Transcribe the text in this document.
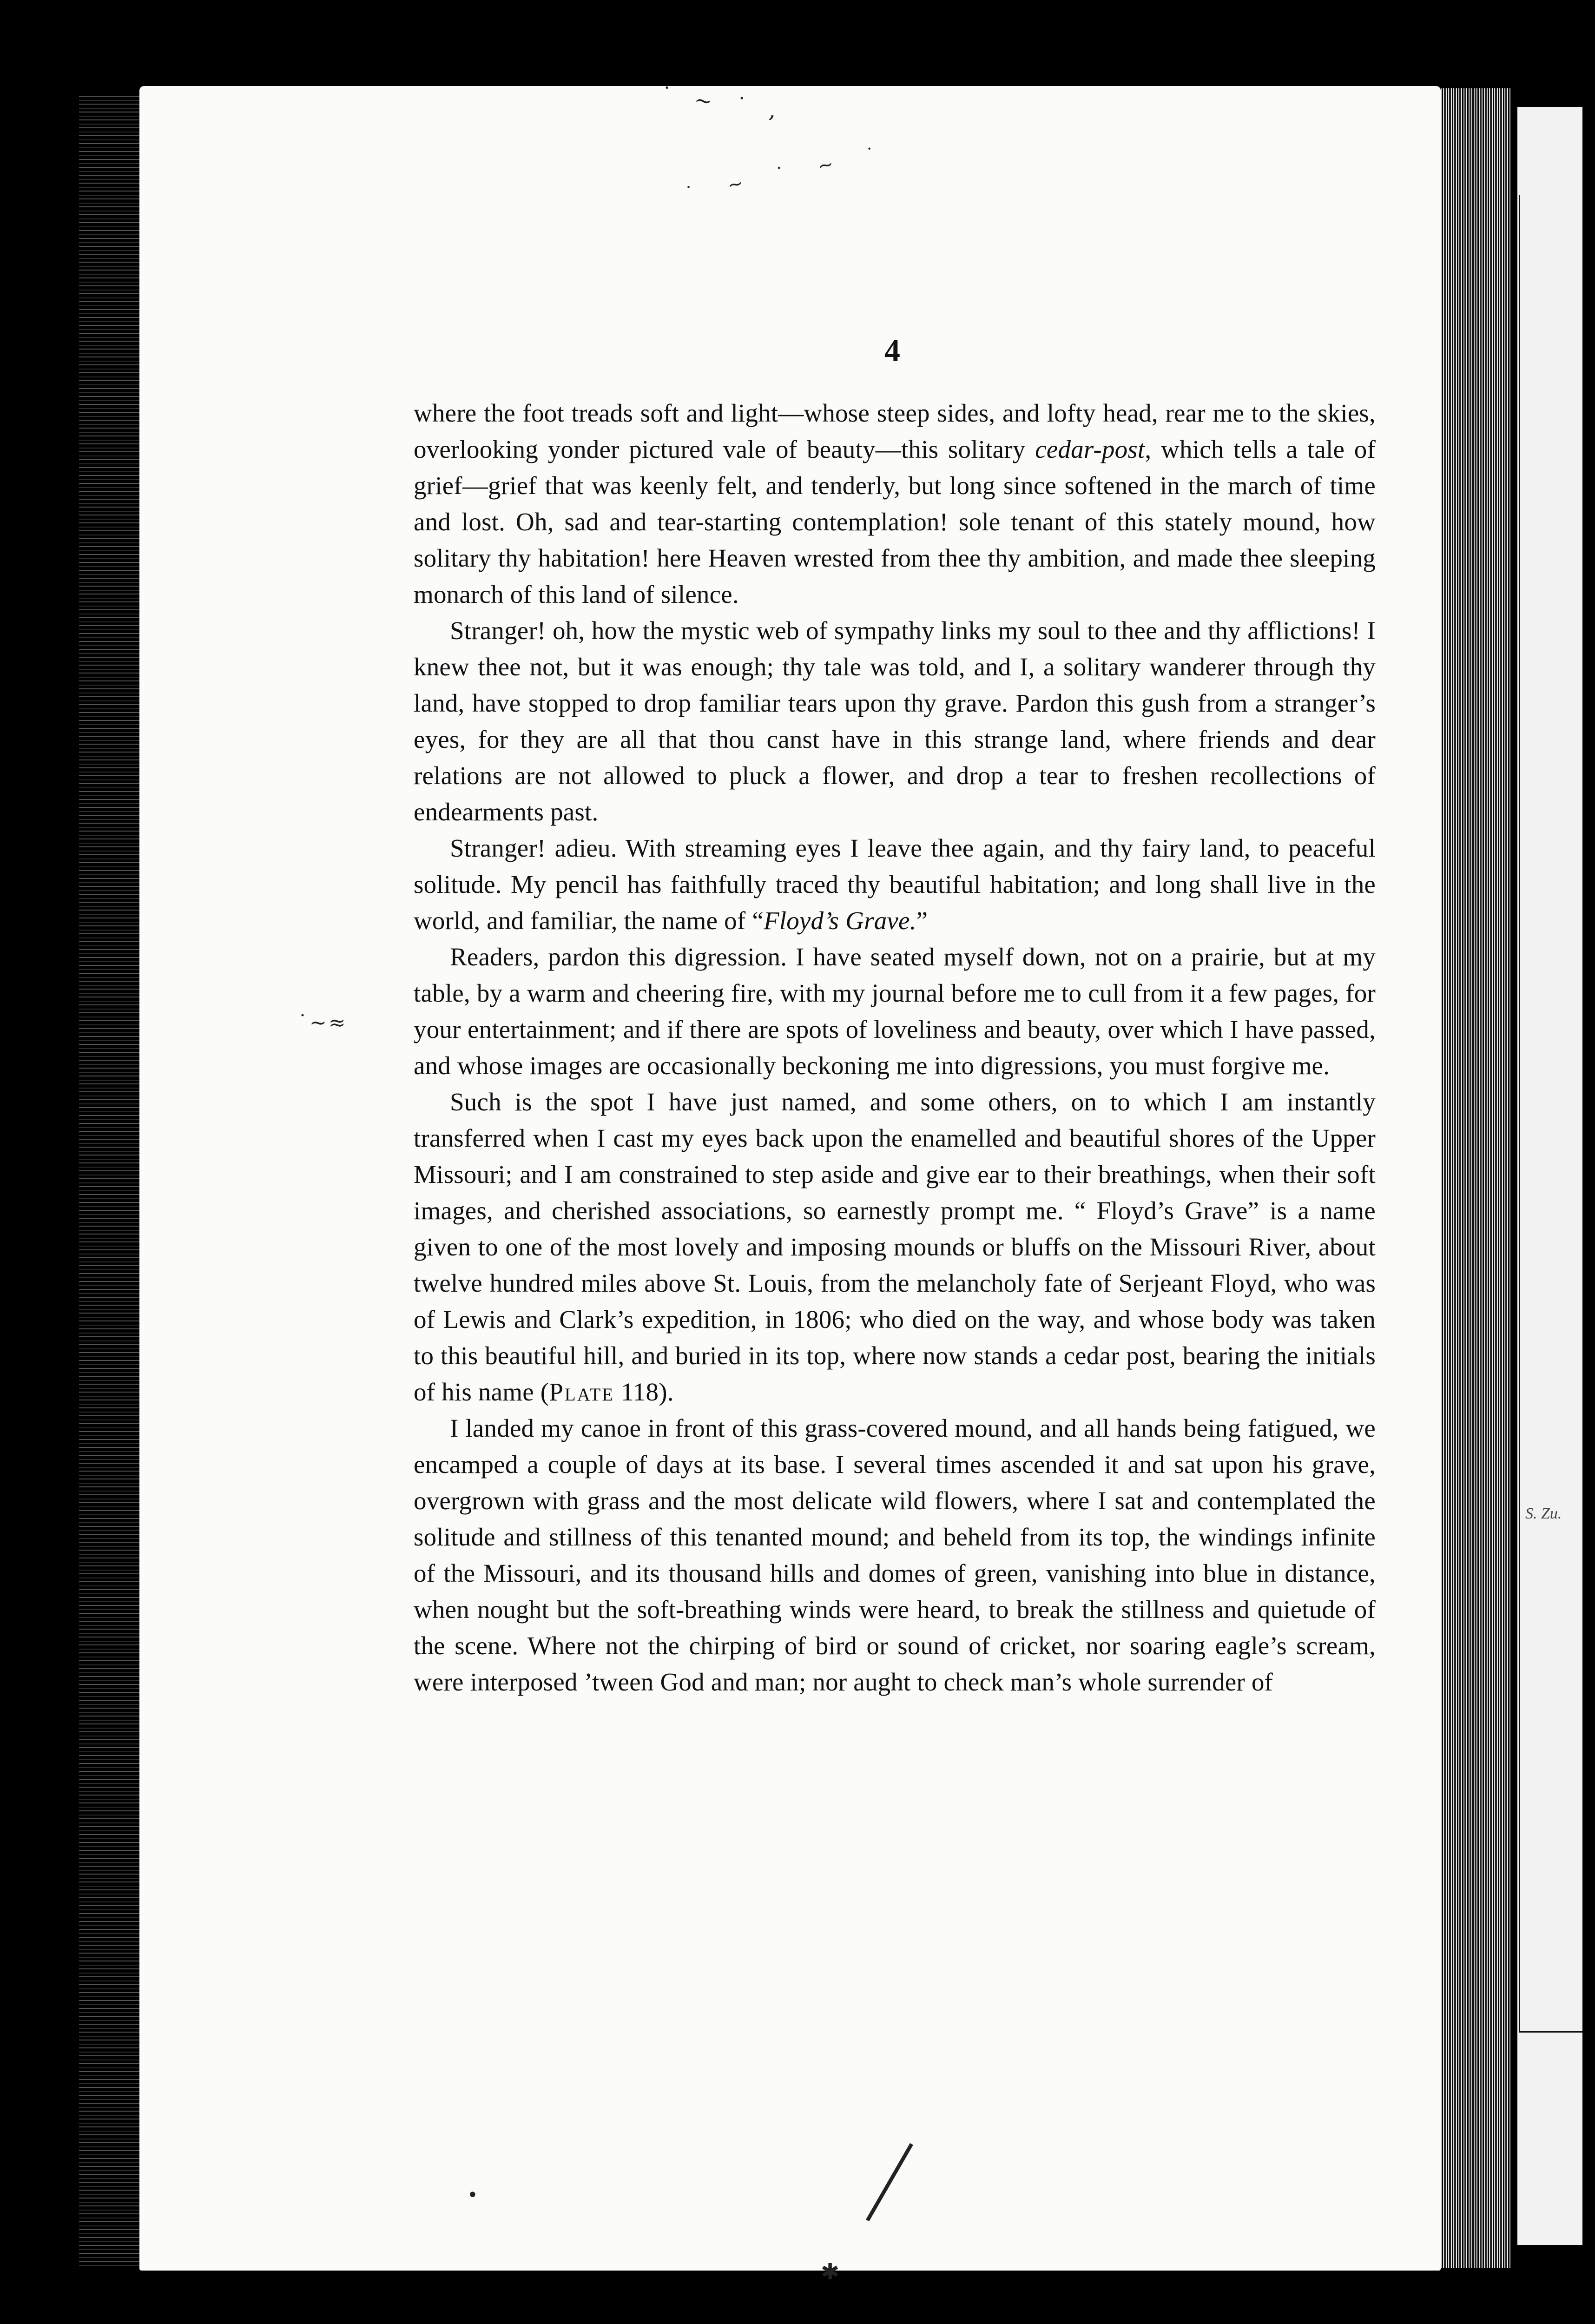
S. Zu.
˙ ~ ˙ ‚
˙ ~ ˙ ~ ˙
˙∼≈
✱
•
4

where the foot treads soft and light—whose steep sides, and lofty head, rear me to the skies, overlooking yonder pictured vale of beauty—this solitary cedar-post, which tells a tale of grief—grief that was keenly felt, and tenderly, but long since softened in the march of time and lost. Oh, sad and tear-starting contemplation! sole tenant of this stately mound, how solitary thy habitation! here Heaven wrested from thee thy ambition, and made thee sleeping monarch of this land of silence.

Stranger! oh, how the mystic web of sympathy links my soul to thee and thy afflictions! I knew thee not, but it was enough; thy tale was told, and I, a solitary wanderer through thy land, have stopped to drop familiar tears upon thy grave. Pardon this gush from a stranger’s eyes, for they are all that thou canst have in this strange land, where friends and dear relations are not allowed to pluck a flower, and drop a tear to freshen recollections of endearments past.

Stranger! adieu. With streaming eyes I leave thee again, and thy fairy land, to peaceful solitude. My pencil has faithfully traced thy beautiful habitation; and long shall live in the world, and familiar, the name of “Floyd’s Grave.”

Readers, pardon this digression. I have seated myself down, not on a prairie, but at my table, by a warm and cheering fire, with my journal before me to cull from it a few pages, for your entertainment; and if there are spots of loveliness and beauty, over which I have passed, and whose images are occasionally beckoning me into digressions, you must forgive me.

Such is the spot I have just named, and some others, on to which I am instantly transferred when I cast my eyes back upon the enamelled and beautiful shores of the Upper Missouri; and I am constrained to step aside and give ear to their breathings, when their soft images, and cherished associations, so earnestly prompt me. “ Floyd’s Grave” is a name given to one of the most lovely and imposing mounds or bluffs on the Missouri River, about twelve hundred miles above St. Louis, from the melancholy fate of Serjeant Floyd, who was of Lewis and Clark’s expedition, in 1806; who died on the way, and whose body was taken to this beautiful hill, and buried in its top, where now stands a cedar post, bearing the initials of his name (Plate 118).

I landed my canoe in front of this grass-covered mound, and all hands being fatigued, we encamped a couple of days at its base. I several times ascended it and sat upon his grave, overgrown with grass and the most delicate wild flowers, where I sat and contemplated the solitude and stillness of this tenanted mound; and beheld from its top, the windings infinite of the Missouri, and its thousand hills and domes of green, vanishing into blue in distance, when nought but the soft-breathing winds were heard, to break the stillness and quietude of the scene. Where not the chirping of bird or sound of cricket, nor soaring eagle’s scream, were interposed ’tween God and man; nor aught to check man’s whole surrender of
